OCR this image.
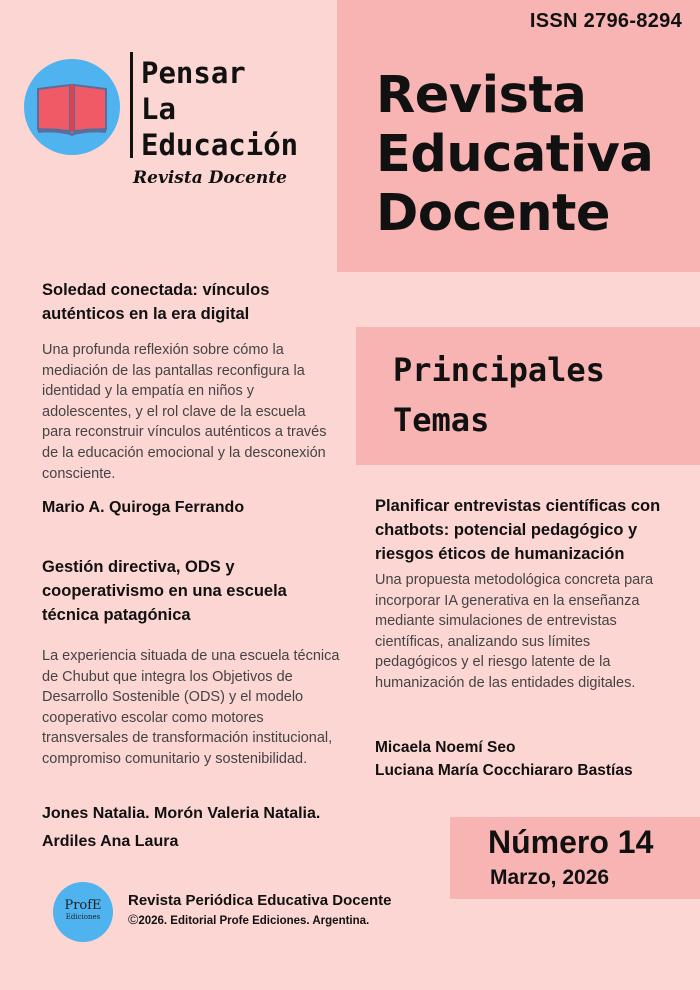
ISSN 2796-8294
Revista
Educativa
Docente
Pensar
La
Educación
Revista Docente
Principales
Temas
Soledad conectada: vínculos auténticos en la era digital
Una profunda reflexión sobre cómo la mediación de las pantallas reconfigura la identidad y la empatía en niños y adolescentes, y el rol clave de la escuela para reconstruir vínculos auténticos a través de la educación emocional y la desconexión consciente.
Mario A. Quiroga Ferrando
Gestión directiva, ODS y cooperativismo en una escuela técnica patagónica
La experiencia situada de una escuela técnica de Chubut que integra los Objetivos de Desarrollo Sostenible (ODS) y el modelo cooperativo escolar como motores transversales de transformación institucional, compromiso comunitario y sostenibilidad.
Jones Natalia. Morón Valeria Natalia. Ardiles Ana Laura
Planificar entrevistas científicas con chatbots: potencial pedagógico y riesgos éticos de humanización
Una propuesta metodológica concreta para incorporar IA generativa en la enseñanza mediante simulaciones de entrevistas científicas, analizando sus límites pedagógicos y el riesgo latente de la humanización de las entidades digitales.
Micaela Noemí Seo
Luciana María Cocchiararo Bastías
Número 14
Marzo, 2026
ProfE
Ediciones
Revista Periódica Educativa Docente
©2026. Editorial Profe Ediciones. Argentina.
